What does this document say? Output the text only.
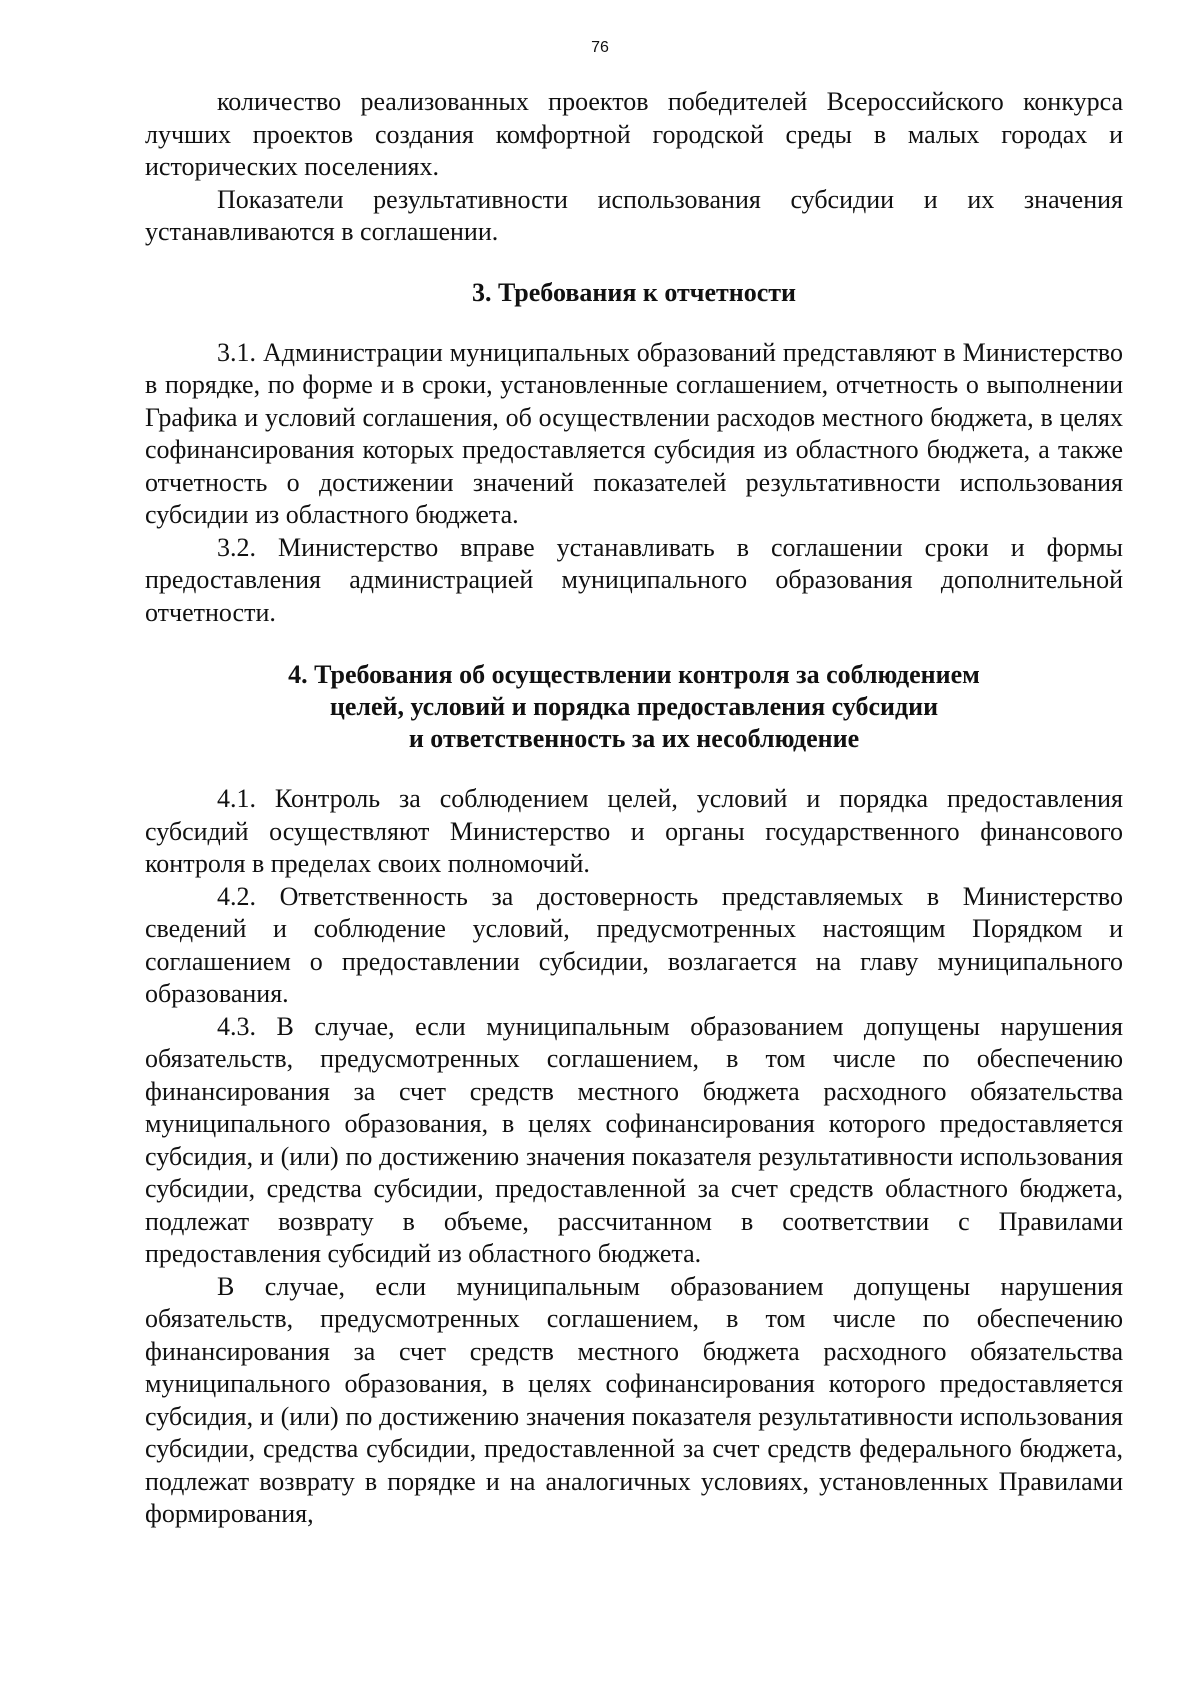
76

количество реализованных проектов победителей Всероссийского конкурса лучших проектов создания комфортной городской среды в малых городах и исторических поселениях.

Показатели результативности использования субсидии и их значения устанавливаются в соглашении.

3. Требования к отчетности

3.1. Администрации муниципальных образований представляют в Министерство в порядке, по форме и в сроки, установленные соглашением, отчетность о выполнении Графика и условий соглашения, об осуществлении расходов местного бюджета, в целях софинансирования которых предоставляется субсидия из областного бюджета, а также отчетность о достижении значений показателей результативности использования субсидии из областного бюджета.

3.2. Министерство вправе устанавливать в соглашении сроки и формы предоставления администрацией муниципального образования дополнительной отчетности.

4. Требования об осуществлении контроля за соблюдением
целей, условий и порядка предоставления субсидии
и ответственность за их несоблюдение

4.1. Контроль за соблюдением целей, условий и порядка предоставления субсидий осуществляют Министерство и органы государственного финансового контроля в пределах своих полномочий.

4.2. Ответственность за достоверность представляемых в Министерство сведений и соблюдение условий, предусмотренных настоящим Порядком и соглашением о предоставлении субсидии, возлагается на главу муниципального образования.

4.3. В случае, если муниципальным образованием допущены нарушения обязательств, предусмотренных соглашением, в том числе по обеспечению финансирования за счет средств местного бюджета расходного обязательства муниципального образования, в целях софинансирования которого предоставляется субсидия, и (или) по достижению значения показателя результативности использования субсидии, средства субсидии, предоставленной за счет средств областного бюджета, подлежат возврату в объеме, рассчитанном в соответствии с Правилами предоставления субсидий из областного бюджета.

В случае, если муниципальным образованием допущены нарушения обязательств, предусмотренных соглашением, в том числе по обеспечению финансирования за счет средств местного бюджета расходного обязательства муниципального образования, в целях софинансирования которого предоставляется субсидия, и (или) по достижению значения показателя результативности использования субсидии, средства субсидии, предоставленной за счет средств федерального бюджета, подлежат возврату в порядке и на аналогичных условиях, установленных Правилами формирования,
